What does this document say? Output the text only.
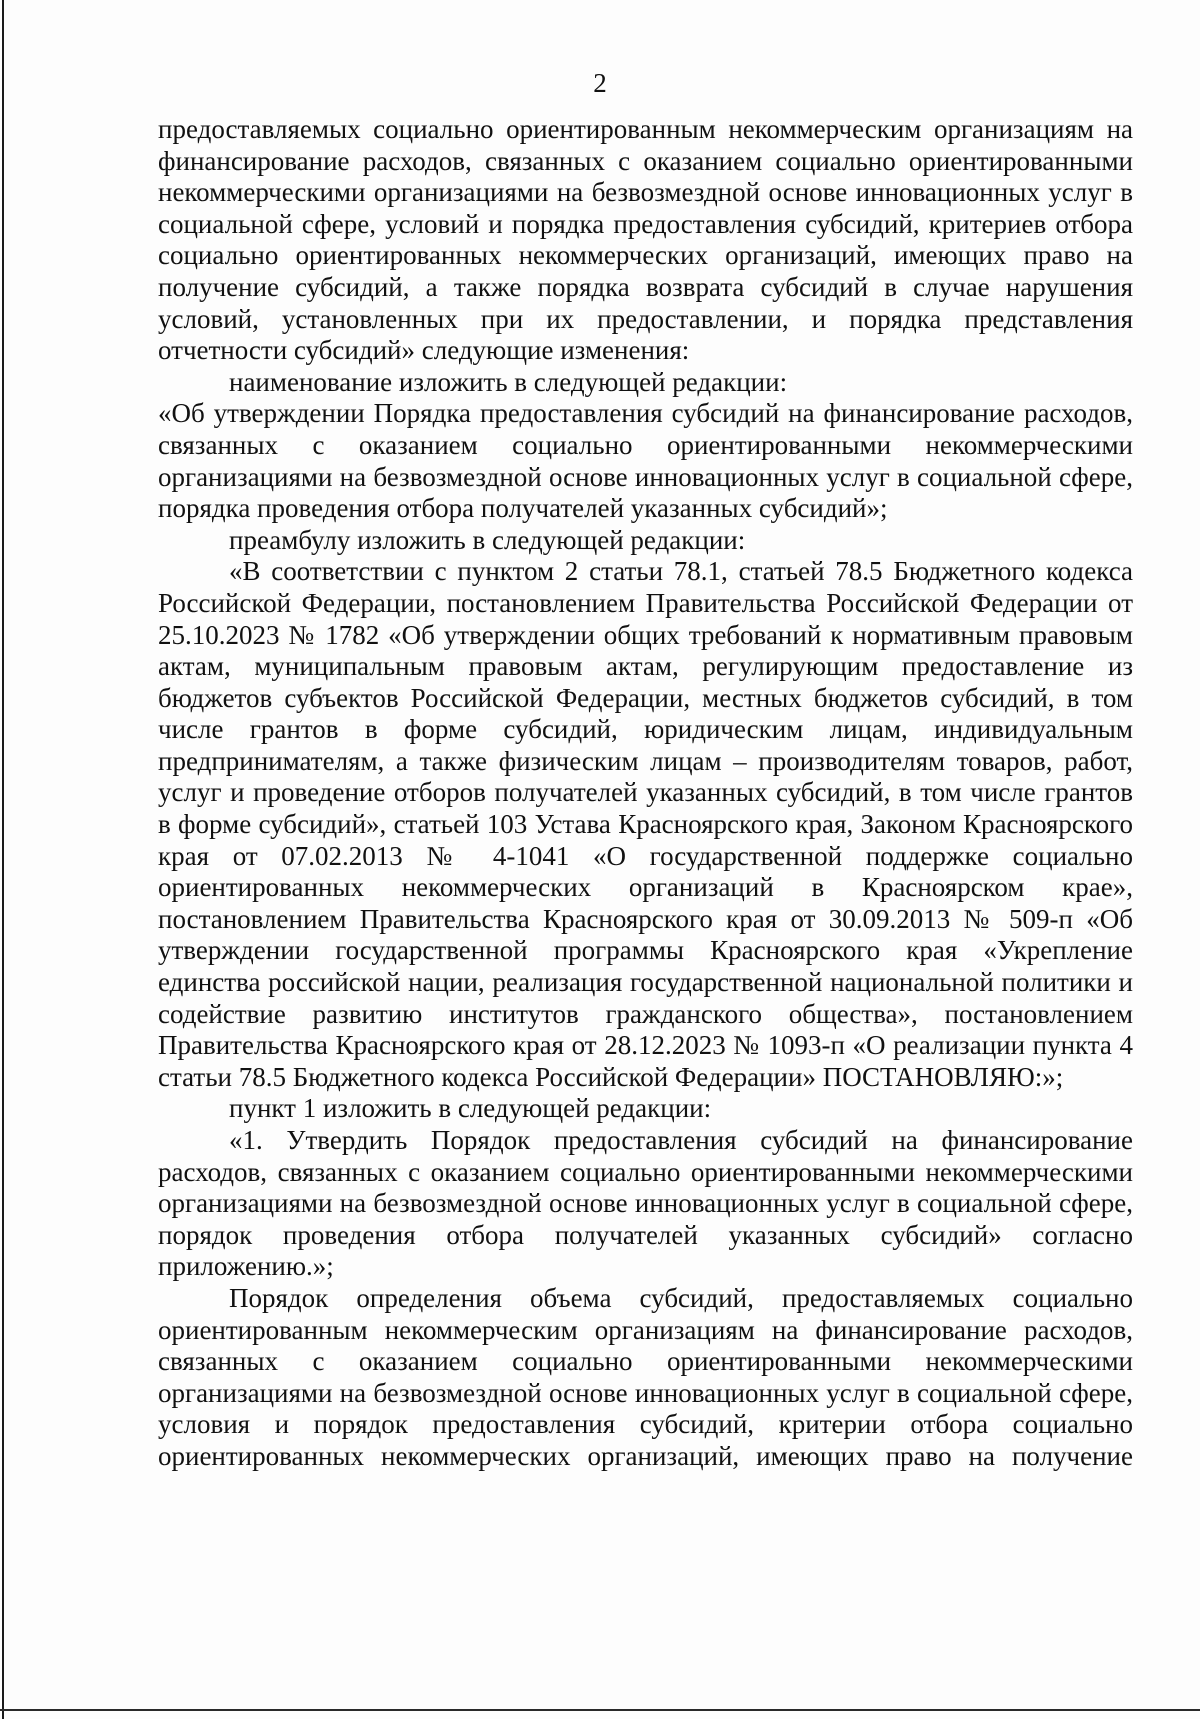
2

предоставляемых социально ориентированным некоммерческим организациям на финансирование расходов, связанных с оказанием социально ориентированными некоммерческими организациями на безвозмездной основе инновационных услуг в социальной сфере, условий и порядка предоставления субсидий, критериев отбора социально ориентированных некоммерческих организаций, имеющих право на получение субсидий, а также порядка возврата субсидий в случае нарушения условий, установленных при их предоставлении, и порядка представления отчетности субсидий» следующие изменения:

наименование изложить в следующей редакции:

«Об утверждении Порядка предоставления субсидий на финансирование расходов, связанных с оказанием социально ориентированными некоммерческими организациями на безвозмездной основе инновационных услуг в социальной сфере, порядка проведения отбора получателей указанных субсидий»;

преамбулу изложить в следующей редакции:

«В соответствии с пунктом 2 статьи 78.1, статьей 78.5 Бюджетного кодекса Российской Федерации, постановлением Правительства Российской Федерации от 25.10.2023 № 1782 «Об утверждении общих требований к нормативным правовым актам, муниципальным правовым актам, регулирующим предоставление из бюджетов субъектов Российской Федерации, местных бюджетов субсидий, в том числе грантов в форме субсидий, юридическим лицам, индивидуальным предпринимателям, а также физическим лицам – производителям товаров, работ, услуг и проведение отборов получателей указанных субсидий, в том числе грантов в форме субсидий», статьей 103 Устава Красноярского края, Законом Красноярского края от 07.02.2013 № 4-1041 «О государственной поддержке социально ориентированных некоммерческих организаций в Красноярском крае», постановлением Правительства Красноярского края от 30.09.2013 № 509-п «Об утверждении государственной программы Красноярского края «Укрепление единства российской нации, реализация государственной национальной политики и содействие развитию институтов гражданского общества», постановлением Правительства Красноярского края от 28.12.2023 № 1093-п «О реализации пункта 4 статьи 78.5 Бюджетного кодекса Российской Федерации» ПОСТАНОВЛЯЮ:»;

пункт 1 изложить в следующей редакции:

«1. Утвердить Порядок предоставления субсидий на финансирование расходов, связанных с оказанием социально ориентированными некоммерческими организациями на безвозмездной основе инновационных услуг в социальной сфере, порядок проведения отбора получателей указанных субсидий» согласно приложению.»;

Порядок определения объема субсидий, предоставляемых социально ориентированным некоммерческим организациям на финансирование расходов, связанных с оказанием социально ориентированными некоммерческими организациями на безвозмездной основе инновационных услуг в социальной сфере, условия и порядок предоставления субсидий, критерии отбора социально ориентированных некоммерческих организаций, имеющих право на получение
